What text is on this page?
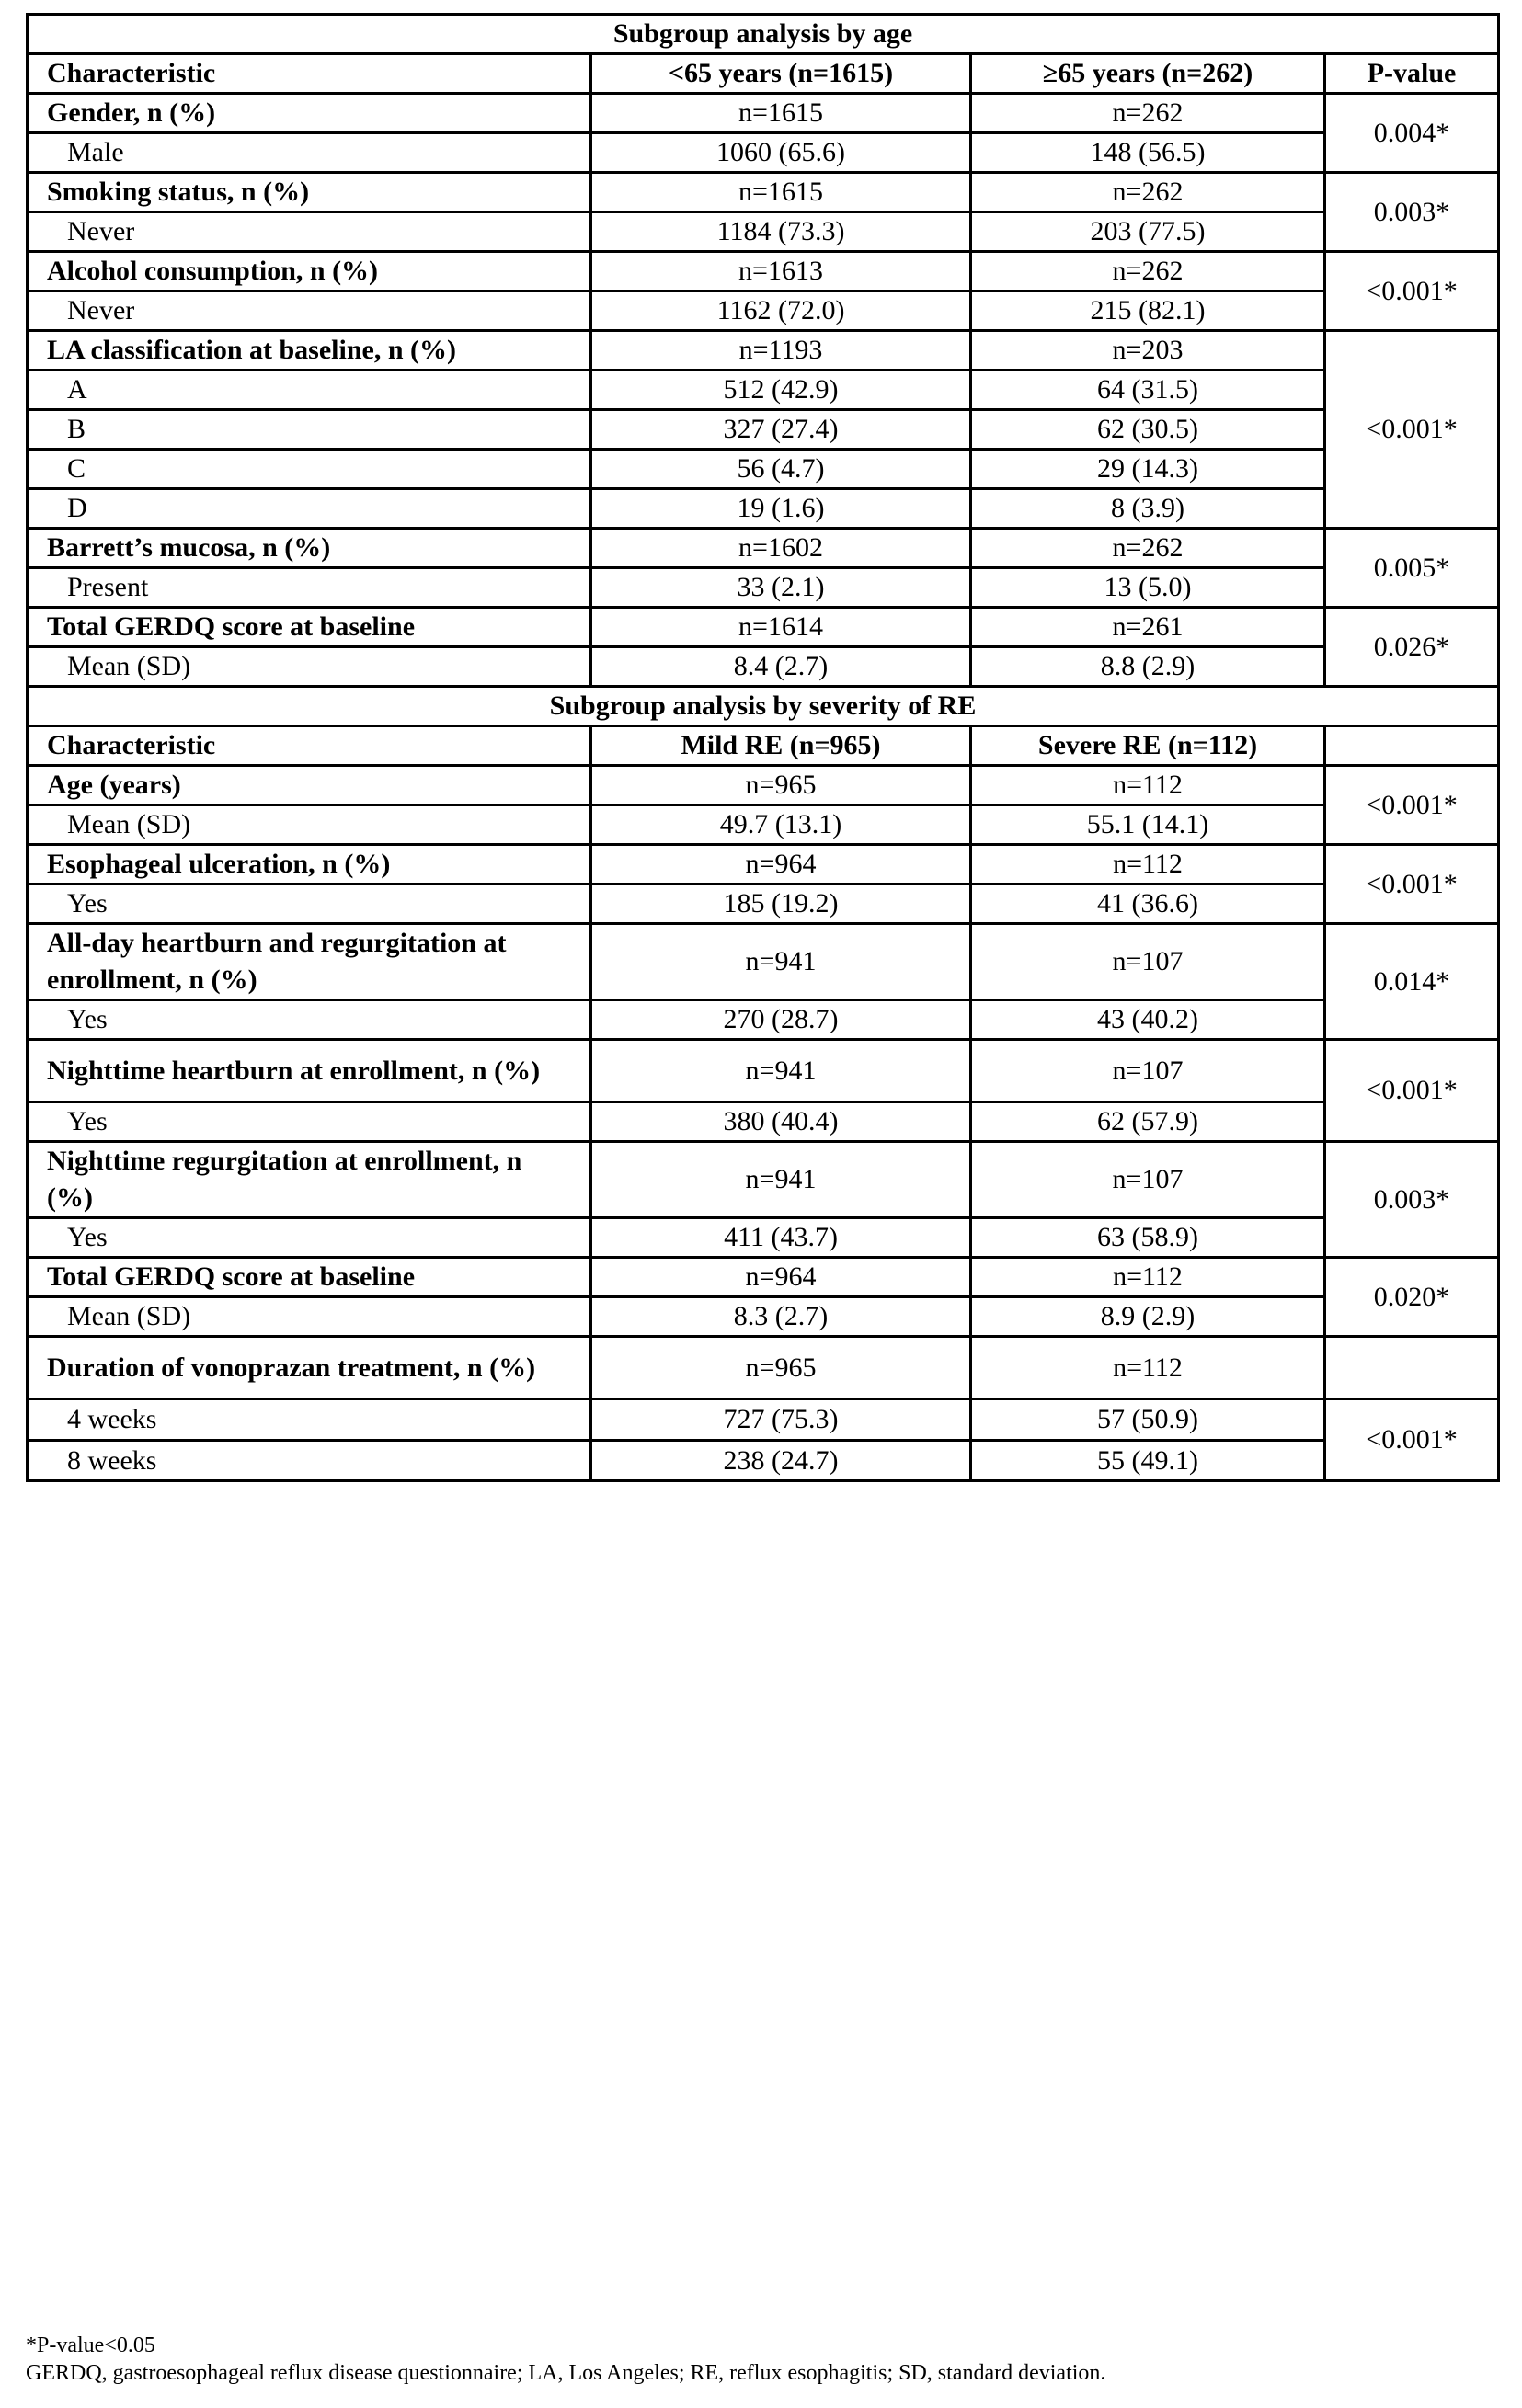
Subgroup analysis by age			
Characteristic	<65 years (n=1615)	≥65 years (n=262)	P-value
Gender, n (%)	n=1615	n=262	0.004*
Male	1060 (65.6)	148 (56.5)	
Smoking status, n (%)	n=1615	n=262	0.003*
Never	1184 (73.3)	203 (77.5)	
Alcohol consumption, n (%)	n=1613	n=262	<0.001*
Never	1162 (72.0)	215 (82.1)	
LA classification at baseline, n (%)	n=1193	n=203	<0.001*
A	512 (42.9)	64 (31.5)	
B	327 (27.4)	62 (30.5)	
C	56 (4.7)	29 (14.3)	
D	19 (1.6)	8 (3.9)	
Barrett’s mucosa, n (%)	n=1602	n=262	0.005*
Present	33 (2.1)	13 (5.0)	
Total GERDQ score at baseline	n=1614	n=261	0.026*
Mean (SD)	8.4 (2.7)	8.8 (2.9)	
Subgroup analysis by severity of RE			
Characteristic	Mild RE (n=965)	Severe RE (n=112)	
Age (years)	n=965	n=112	<0.001*
Mean (SD)	49.7 (13.1)	55.1 (14.1)	
Esophageal ulceration, n (%)	n=964	n=112	<0.001*
Yes	185 (19.2)	41 (36.6)	
All-day heartburn and regurgitation at enrollment, n (%)	n=941	n=107	0.014*
Yes	270 (28.7)	43 (40.2)	
Nighttime heartburn at enrollment, n (%)	n=941	n=107	<0.001*
Yes	380 (40.4)	62 (57.9)	
Nighttime regurgitation at enrollment, n (%)	n=941	n=107	0.003*
Yes	411 (43.7)	63 (58.9)	
Total GERDQ score at baseline	n=964	n=112	0.020*
Mean (SD)	8.3 (2.7)	8.9 (2.9)	
Duration of vonoprazan treatment, n (%)	n=965	n=112	
4 weeks	727 (75.3)	57 (50.9)	<0.001*
8 weeks	238 (24.7)	55 (49.1)	
*P-value<0.05
GERDQ, gastroesophageal reflux disease questionnaire; LA, Los Angeles; RE, reflux esophagitis; SD, standard deviation.
